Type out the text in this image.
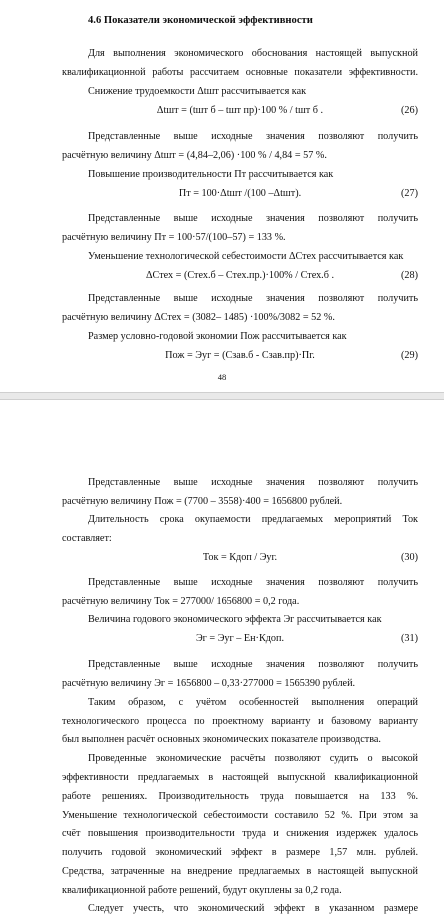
4.6 Показатели экономической эффективности
Для выполнения экономического обоснования настоящей выпускной
квалификационной работы рассчитаем основные показатели эффективности.
Снижение трудоемкости Δtшт рассчитывается как
Δtшт = (tшт б – tшт пр)·100 % / tшт б .	(26)
Представленные выше исходные значения позволяют получить
расчётную величину Δtшт = (4,84–2,06) ·100 % / 4,84 = 57 %.
Повышение производительности Пт рассчитывается как
Пт = 100·Δtшт /(100 –Δtшт).	(27)
Представленные выше исходные значения позволяют получить
расчётную величину Пт = 100·57/(100–57) = 133 %.
Уменьшение технологической себестоимости ΔСтех рассчитывается как
ΔСтех = (Стех.б – Стех.пр.)·100% / Стех.б .	(28)
Представленные выше исходные значения позволяют получить
расчётную величину ΔСтех = (3082– 1485) ·100%/3082 = 52 %.
Размер условно-годовой экономии Пож рассчитывается как
Пож = Эуг = (Сзав.б - Сзав.пр)·Пг.	(29)
48
Представленные выше исходные значения позволяют получить
расчётную величину Пож = (7700 – 3558)·400 = 1656800 рублей.
Длительность срока окупаемости предлагаемых мероприятий Ток
составляет:
Ток = Кдоп / Эуг.	(30)
Представленные выше исходные значения позволяют получить
расчётную величину Ток = 277000/ 1656800 = 0,2 года.
Величина годового экономического эффекта Эг рассчитывается как
Эг = Эуг – Ен·Кдоп.	(31)
Представленные выше исходные значения позволяют получить
расчётную величину Эг = 1656800 – 0,33·277000 = 1565390 рублей.
Таким образом, с учётом особенностей выполнения операций
технологического процесса по проектному варианту и базовому варианту
был выполнен расчёт основных экономических показателе производства.
Проведенные экономические расчёты позволяют судить о высокой
эффективности предлагаемых в настоящей выпускной квалификационной
работе решениях. Производительность труда повышается на 133 %.
Уменьшение технологической себестоимости составило 52 %. При этом за
счёт повышения производительности труда и снижения издержек удалось
получить годовой экономический эффект в размере 1,57 млн. рублей.
Средства, затраченные на внедрение предлагаемых в настоящей выпускной
квалификационной работе решений, будут окуплены за 0,2 года.
Следует учесть, что экономический эффект в указанном размере
